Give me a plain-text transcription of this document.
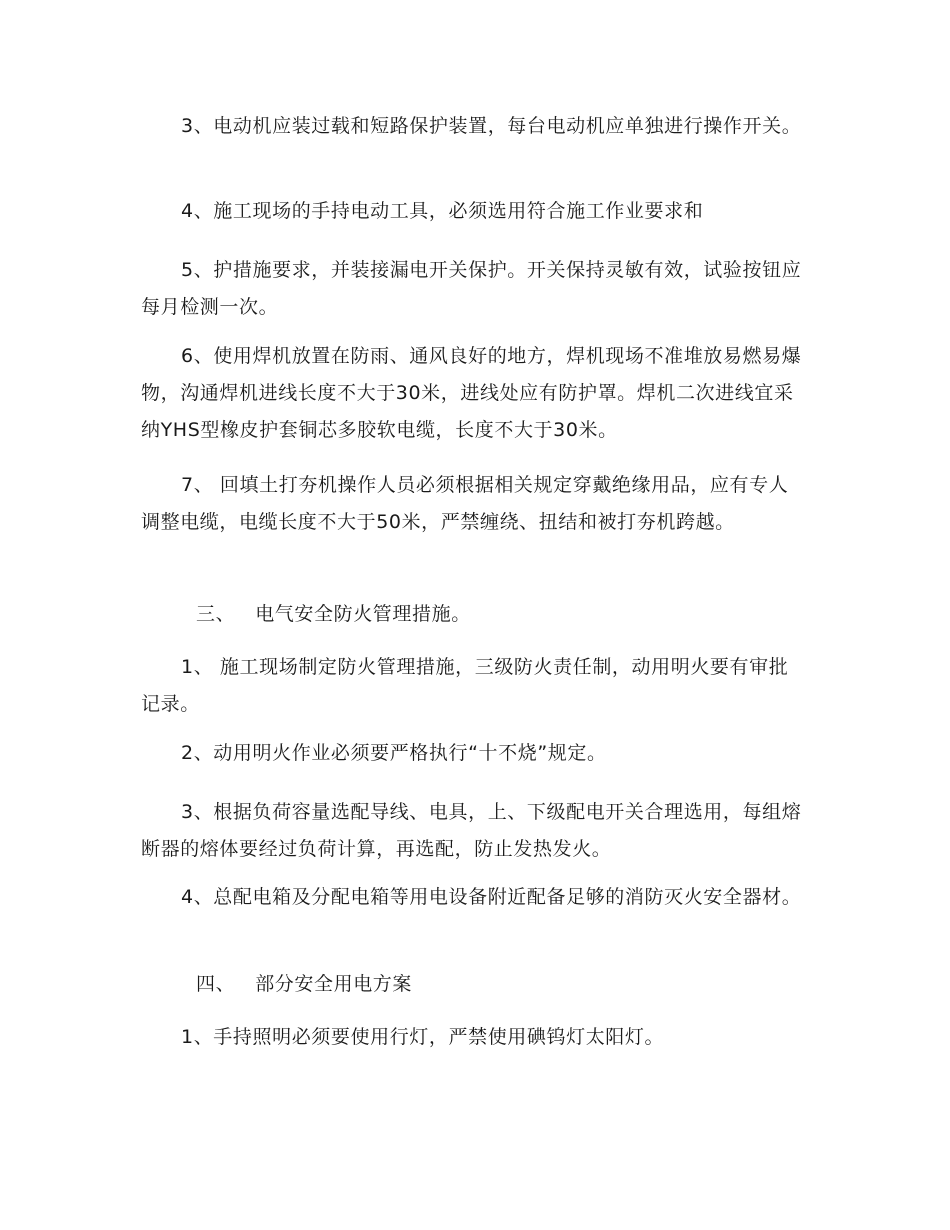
3、电动机应装过载和短路保护装置，每台电动机应单独进行操作开关。

4、施工现场的手持电动工具，必须选用符合施工作业要求和

5、护措施要求，并装接漏电开关保护。开关保持灵敏有效，试验按钮应每月检测一次。

6、使用焊机放置在防雨、通风良好的地方，焊机现场不准堆放易燃易爆物，沟通焊机进线长度不大于30米，进线处应有防护罩。焊机二次进线宜采纳YHS型橡皮护套铜芯多胶软电缆，长度不大于30米。

7、 回填土打夯机操作人员必须根据相关规定穿戴绝缘用品，应有专人调整电缆，电缆长度不大于50米，严禁缠绕、扭结和被打夯机跨越。

三、 电气安全防火管理措施。

1、 施工现场制定防火管理措施，三级防火责任制，动用明火要有审批记录。

2、动用明火作业必须要严格执行“十不烧”规定。

3、根据负荷容量选配导线、电具，上、下级配电开关合理选用，每组熔断器的熔体要经过负荷计算，再选配，防止发热发火。

4、总配电箱及分配电箱等用电设备附近配备足够的消防灭火安全器材。

四、 部分安全用电方案

1、手持照明必须要使用行灯，严禁使用碘钨灯太阳灯。
